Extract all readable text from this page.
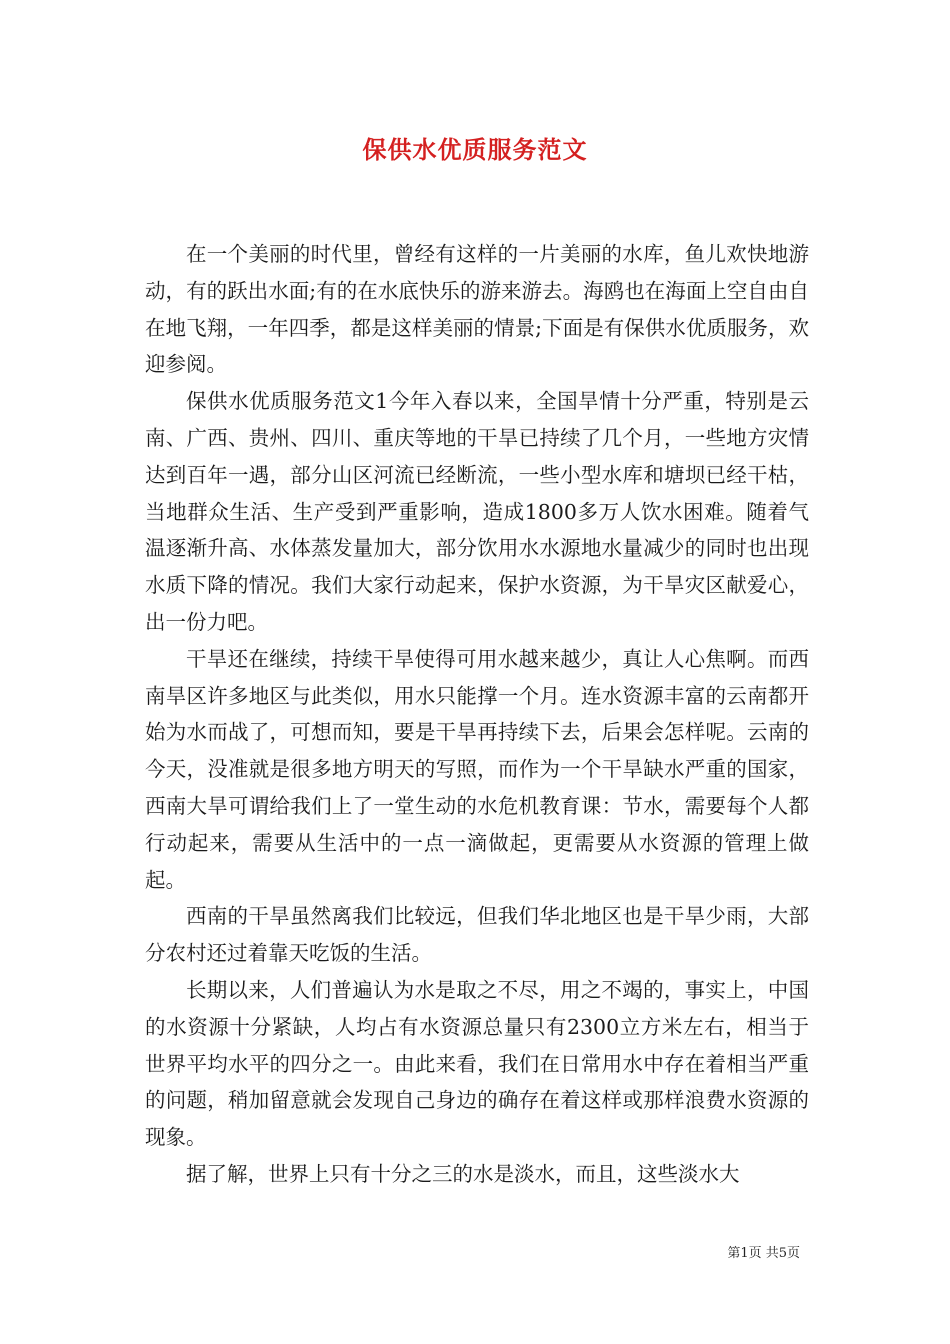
保供水优质服务范文

在一个美丽的时代里，曾经有这样的一片美丽的水库，鱼儿欢快地游动，有的跃出水面;有的在水底快乐的游来游去。海鸥也在海面上空自由自在地飞翔，一年四季，都是这样美丽的情景;下面是有保供水优质服务，欢迎参阅。

保供水优质服务范文1今年入春以来，全国旱情十分严重，特别是云南、广西、贵州、四川、重庆等地的干旱已持续了几个月，一些地方灾情达到百年一遇，部分山区河流已经断流，一些小型水库和塘坝已经干枯，当地群众生活、生产受到严重影响，造成1800多万人饮水困难。随着气温逐渐升高、水体蒸发量加大，部分饮用水水源地水量减少的同时也出现水质下降的情况。我们大家行动起来，保护水资源，为干旱灾区献爱心，出一份力吧。

干旱还在继续，持续干旱使得可用水越来越少，真让人心焦啊。而西南旱区许多地区与此类似，用水只能撑一个月。连水资源丰富的云南都开始为水而战了，可想而知，要是干旱再持续下去，后果会怎样呢。云南的今天，没准就是很多地方明天的写照，而作为一个干旱缺水严重的国家，西南大旱可谓给我们上了一堂生动的水危机教育课：节水，需要每个人都行动起来，需要从生活中的一点一滴做起，更需要从水资源的管理上做起。

西南的干旱虽然离我们比较远，但我们华北地区也是干旱少雨，大部分农村还过着靠天吃饭的生活。

长期以来，人们普遍认为水是取之不尽，用之不竭的，事实上，中国的水资源十分紧缺，人均占有水资源总量只有2300立方米左右，相当于世界平均水平的四分之一。由此来看，我们在日常用水中存在着相当严重的问题，稍加留意就会发现自己身边的确存在着这样或那样浪费水资源的现象。

据了解，世界上只有十分之三的水是淡水，而且，这些淡水大

第1页 共5页
